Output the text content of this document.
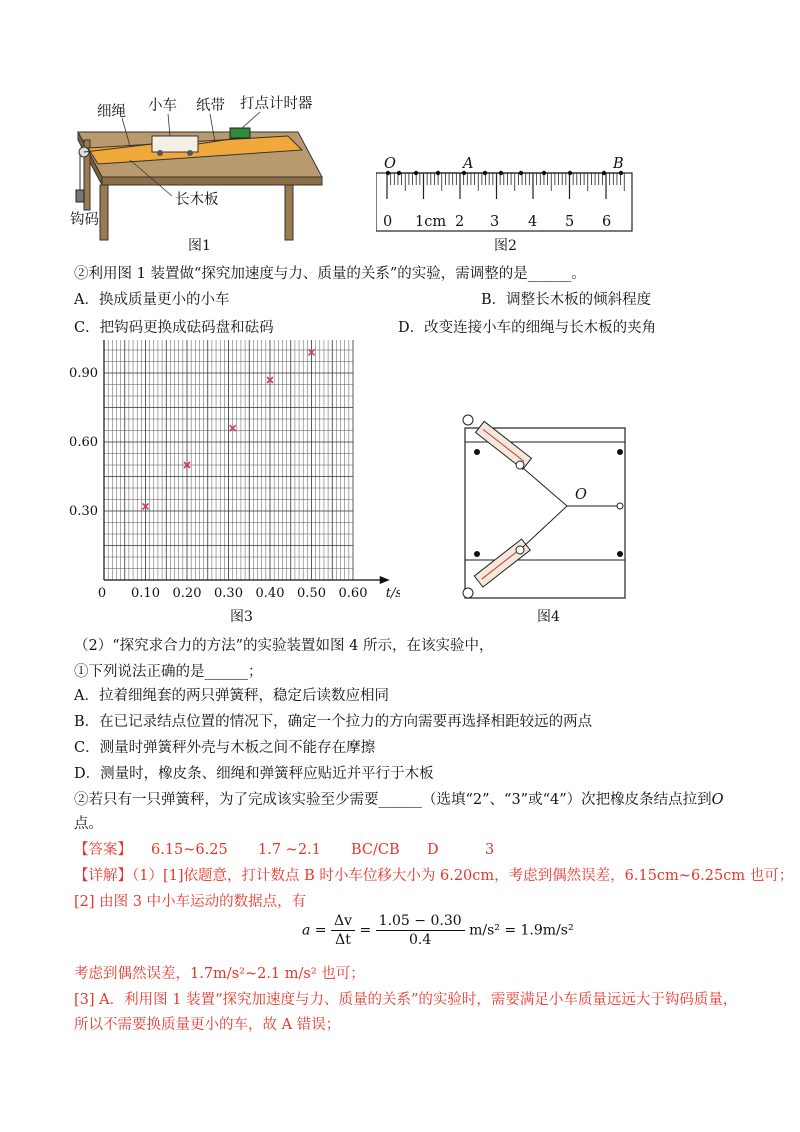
细绳 小车 纸带 打点计时器
长木板
钩码
图1
O	A	B
0 1cm 2 3 4 5 6
图2
②利用图 1 装置做“探究加速度与力、质量的关系”的实验，需调整的是______。
A．换成质量更小的小车	B．调整长木板的倾斜程度
C．把钩码更换成砝码盘和砝码	D．改变连接小车的细绳与长木板的夹角
0 0.10 0.20 0.30 0.40 0.50 0.60
0.30
0.60
0.90
t/
图3
O
图4
（2）“探究求合力的方法”的实验装置如图 4 所示，在该实验中，
①下列说法正确的是______；
A．拉着细绳套的两只弹簧秤，稳定后读数应相同
B．在已记录结点位置的情况下，确定一个拉力的方向需要再选择相距较远的两点
C．测量时弹簧秤外壳与木板之间不能存在摩擦
D．测量时，橡皮条、细绳和弹簧秤应贴近并平行于木板
②若只有一只弹簧秤，为了完成该实验至少需要______（选填“2”、“3”或“4”）次把橡皮条结点拉到O
点。
【答案】 6.15~6.25 1.7 ~2.1 BC/CB D	3
【详解】（1）[1]依题意，打计数点 B 时小车位移大小为 6.20cm，考虑到偶然误差，6.15cm~6.25cm 也可；
[2] 由图 3 中小车运动的数据点，有
$a = \frac{\Delta v}{\Delta t} = \frac{1.05 - 0.30}{0.4} m/s^2 = 1.9m/s^2$
考虑到偶然误差，1.7m/s²~2.1 m/s² 也可；
[3] A．利用图 1 装置“探究加速度与力、质量的关系”的实验时，需要满足小车质量远远大于钩码质量，
所以不需要换质量更小的车，故 A 错误；
